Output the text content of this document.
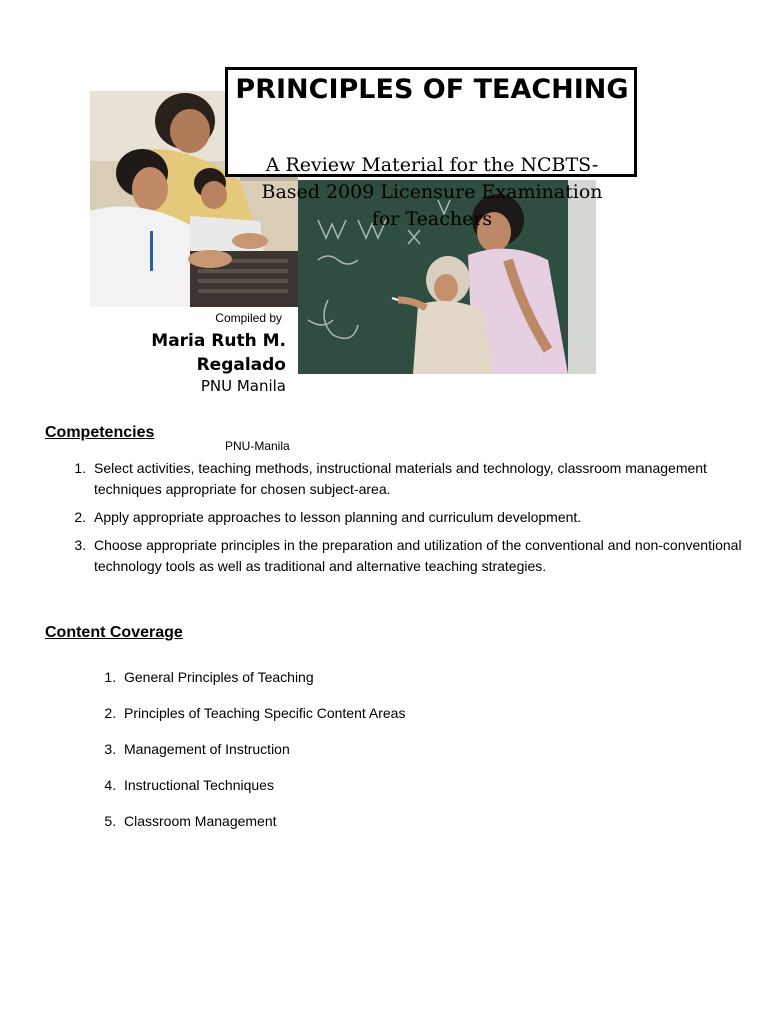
PRINCIPLES OF TEACHING
A Review Material for the NCBTS-Based 2009 Licensure Examination for Teachers
Compiled by
Maria Ruth M. Regalado
PNU Manila
Competencies
PNU-Manila
1. Select activities, teaching methods, instructional materials and technology, classroom management techniques appropriate for chosen subject-area.
2. Apply appropriate approaches to lesson planning and curriculum development.
3. Choose appropriate principles in the preparation and utilization of the conventional and non-conventional technology tools as well as traditional and alternative teaching strategies.
Content Coverage
1. General Principles of Teaching
2. Principles of Teaching Specific Content Areas
3. Management of Instruction
4. Instructional Techniques
5. Classroom Management
